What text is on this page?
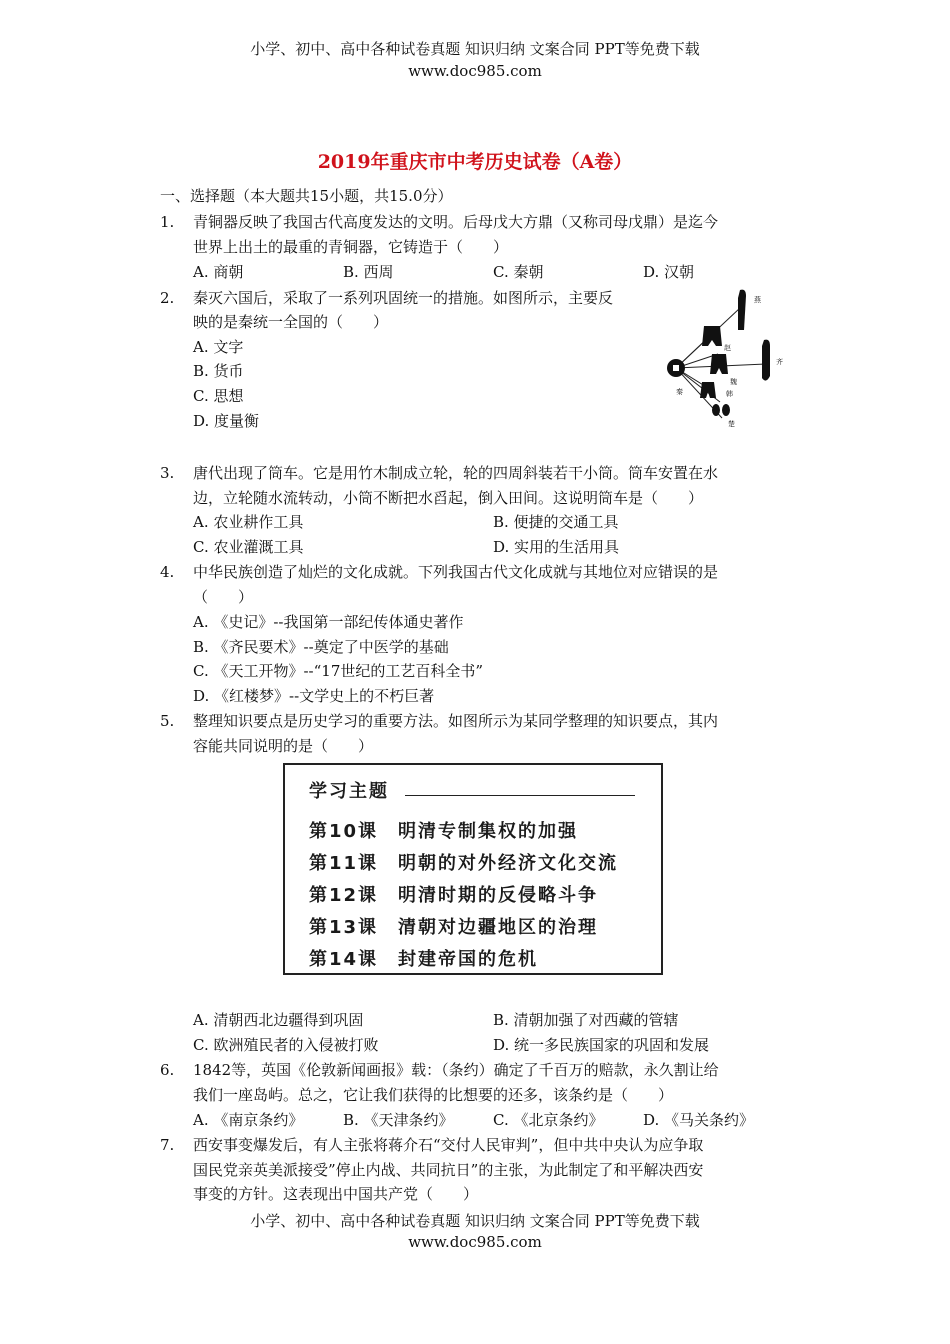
小学、初中、高中各种试卷真题 知识归纳 文案合同 PPT等免费下载
www.doc985.com
2019年重庆市中考历史试卷（A卷）
一、选择题（本大题共15小题，共15.0分）
1. 青铜器反映了我国古代高度发达的文明。后母戊大方鼎（又称司母戊鼎）是迄今
世界上出土的最重的青铜器，它铸造于（　　）
A. 商朝	B. 西周	C. 秦朝	D. 汉朝
2. 秦灭六国后，采取了一系列巩固统一的措施。如图所示，主要反
映的是秦统一全国的（　　）
A. 文字
B. 货币
C. 思想
D. 度量衡
燕
齐
赵
魏
韩
秦
楚
3. 唐代出现了筒车。它是用竹木制成立轮，轮的四周斜装若干小筒。筒车安置在水
边，立轮随水流转动，小筒不断把水舀起，倒入田间。这说明筒车是（　　）
A. 农业耕作工具	B. 便捷的交通工具
C. 农业灌溉工具	D. 实用的生活用具
4. 中华民族创造了灿烂的文化成就。下列我国古代文化成就与其地位对应错误的是
（　　）
A. 《史记》--我国第一部纪传体通史著作
B. 《齐民要术》--奠定了中医学的基础
C. 《天工开物》--“17世纪的工艺百科全书”
D. 《红楼梦》--文学史上的不朽巨著
5. 整理知识要点是历史学习的重要方法。如图所示为某同学整理的知识要点，其内
容能共同说明的是（　　）
学习主题
第10课　明清专制集权的加强
第11课　明朝的对外经济文化交流
第12课　明清时期的反侵略斗争
第13课　清朝对边疆地区的治理
第14课　封建帝国的危机
A. 清朝西北边疆得到巩固	B. 清朝加强了对西藏的管辖
C. 欧洲殖民者的入侵被打败	D. 统一多民族国家的巩固和发展
6. 1842等，英国《伦敦新闻画报》载：（条约）确定了千百万的赔款，永久割让给
我们一座岛屿。总之，它让我们获得的比想要的还多，该条约是（　　）
A. 《南京条约》	B. 《天津条约》	C. 《北京条约》	D. 《马关条约》
7. 西安事变爆发后，有人主张将蒋介石“交付人民审判”，但中共中央认为应争取
国民党亲英美派接受”停止内战、共同抗日”的主张，为此制定了和平解决西安
事变的方针。这表现出中国共产党（　　）
小学、初中、高中各种试卷真题 知识归纳 文案合同 PPT等免费下载
www.doc985.com
